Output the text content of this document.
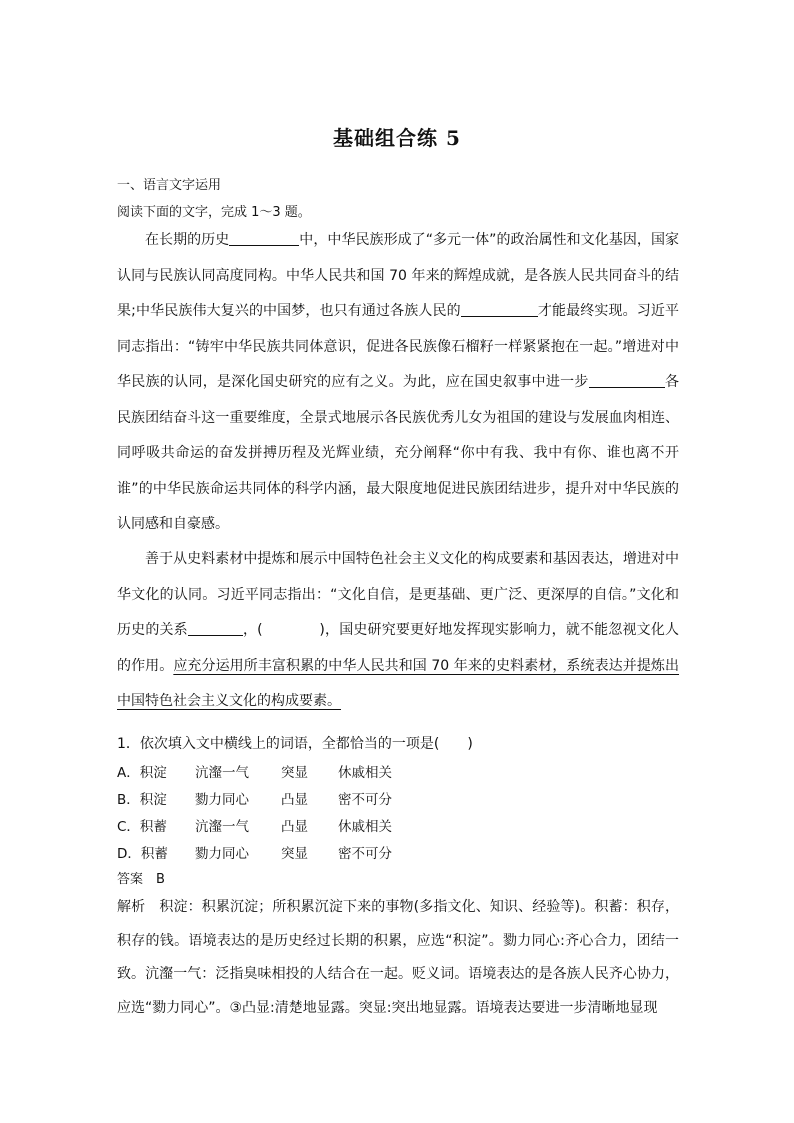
基础组合练 5
一、语言文字运用
阅读下面的文字，完成 1～3 题。

在长期的历史	中，中华民族形成了“多元一体”的政治属性和文化基因，国家认同与民族认同高度同构。中华人民共和国 70 年来的辉煌成就，是各族人民共同奋斗的结果;中华民族伟大复兴的中国梦，也只有通过各族人民的	才能最终实现。习近平同志指出：“铸牢中华民族共同体意识，促进各民族像石榴籽一样紧紧抱在一起。”增进对中华民族的认同，是深化国史研究的应有之义。为此，应在国史叙事中进一步	各民族团结奋斗这一重要维度，全景式地展示各民族优秀儿女为祖国的建设与发展血肉相连、同呼吸共命运的奋发拼搏历程及光辉业绩，充分阐释“你中有我、我中有你、谁也离不开谁”的中华民族命运共同体的科学内涵，最大限度地促进民族团结进步，提升对中华民族的认同感和自豪感。

善于从史料素材中提炼和展示中国特色社会主义文化的构成要素和基因表达，增进对中华文化的认同。习近平同志指出：“文化自信，是更基础、更广泛、更深厚的自信。”文化和历史的关系	，(　　　　)，国史研究要更好地发挥现实影响力，就不能忽视文化人的作用。应充分运用所丰富积累的中华人民共和国 70 年来的史料素材，系统表达并提炼出中国特色社会主义文化的构成要素。

1．依次填入文中横线上的词语，全都恰当的一项是(　　)
A．积淀 沆瀣一气 突显 休戚相关
B．积淀 勠力同心 凸显 密不可分
C．积蓄 沆瀣一气 凸显 休戚相关
D．积蓄 勠力同心 突显 密不可分
答案　B

解析　积淀：积累沉淀；所积累沉淀下来的事物(多指文化、知识、经验等)。积蓄：积存，积存的钱。语境表达的是历史经过长期的积累，应选“积淀”。勠力同心:齐心合力，团结一致。沆瀣一气：泛指臭味相投的人结合在一起。贬义词。语境表达的是各族人民齐心协力，应选“勠力同心”。③凸显:清楚地显露。突显:突出地显露。语境表达要进一步清晰地显现
